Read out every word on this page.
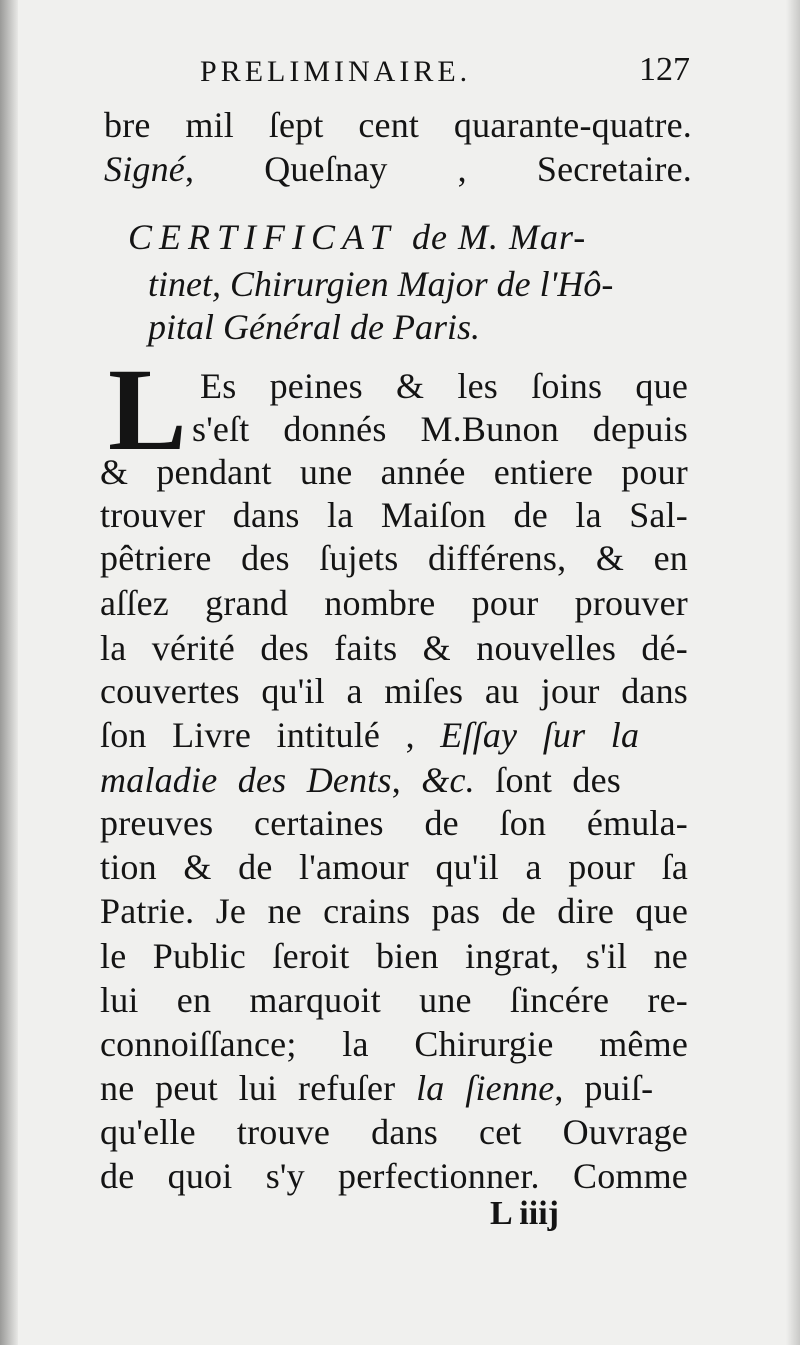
PRELIMINAIRE.	127
bre mil ſept cent quarante-quatre.
Signé, Queſnay , Secretaire.
CERTIFICAT de M. Mar-
tinet, Chirurgien Major de l'Hô-
pital Général de Paris.
L Es peines & les ſoins que
s'eſt donnés M.Bunon depuis
& pendant une année entiere pour
trouver dans la Maiſon de la Sal-
pêtriere des ſujets différens, & en
aſſez grand nombre pour prouver
la vérité des faits & nouvelles dé-
couvertes qu'il a miſes au jour dans
ſon Livre intitulé , Eſſay ſur la
maladie des Dents, &c. ſont des
preuves certaines de ſon émula-
tion & de l'amour qu'il a pour ſa
Patrie. Je ne crains pas de dire que
le Public ſeroit bien ingrat, s'il ne
lui en marquoit une ſincére re-
connoiſſance; la Chirurgie même
ne peut lui refuſer la ſienne, puiſ-
qu'elle trouve dans cet Ouvrage
de quoi s'y perfectionner. Comme
L iiij
